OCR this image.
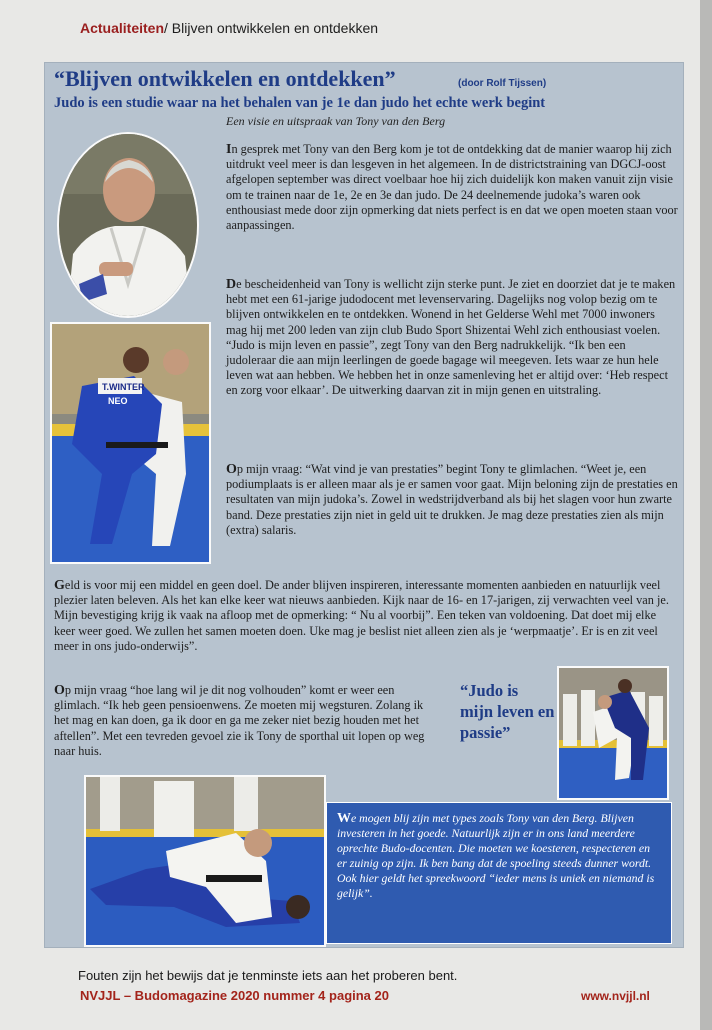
Actualiteiten/ Blijven ontwikkelen en ontdekken
“Blijven ontwikkelen en ontdekken”	(door Rolf Tijssen)
Judo is een studie waar na het behalen van je 1e dan judo het echte werk begint
Een visie en uitspraak van Tony van den Berg
T.WINTER
NEO

In gesprek met Tony van den Berg kom je tot de ontdekking dat de manier waarop hij zich uitdrukt veel meer is dan lesgeven in het algemeen. In de districtstraining van DGCJ-oost afgelopen september was direct voelbaar hoe hij zich duidelijk kon maken vanuit zijn visie om te trainen naar de 1e, 2e en 3e dan judo. De 24 deelnemende judoka’s waren ook enthousiast mede door zijn opmerking dat niets perfect is en dat we open moeten staan voor aanpassingen.

De bescheidenheid van Tony is wellicht zijn sterke punt. Je ziet en doorziet dat je te maken hebt met een 61-jarige judodocent met levenservaring. Dagelijks nog volop bezig om te blijven ontwikkelen en te ontdekken. Wonend in het Gelderse Wehl met 7000 inwoners mag hij met 200 leden van zijn club Budo Sport Shizentai Wehl zich enthousiast voelen. “Judo is mijn leven en passie”, zegt Tony van den Berg nadrukkelijk. “Ik ben een judoleraar die aan mijn leerlingen de goede bagage wil meegeven. Iets waar ze hun hele leven wat aan hebben. We hebben het in onze samenleving het er altijd over: ‘Heb respect en zorg voor elkaar’. De uitwerking daarvan zit in mijn genen en uitstraling.

Op mijn vraag: “Wat vind je van prestaties” begint Tony te glimlachen. “Weet je, een podiumplaats is er alleen maar als je er samen voor gaat. Mijn beloning zijn de prestaties en resultaten van mijn judoka’s. Zowel in wedstrijdverband als bij het slagen voor hun zwarte band. Deze prestaties zijn niet in geld uit te drukken. Je mag deze prestaties zien als mijn (extra) salaris.

Geld is voor mij een middel en geen doel. De ander blijven inspireren, interessante momenten aanbieden en natuurlijk veel plezier laten beleven. Als het kan elke keer wat nieuws aanbieden. Kijk naar de 16- en 17-jarigen, zij verwachten veel van je. Mijn bevestiging krijg ik vaak na afloop met de opmerking: “ Nu al voorbij”. Een teken van voldoening. Dat doet mij elke keer weer goed. We zullen het samen moeten doen. Uke mag je beslist niet alleen zien als je ‘werpmaatje’. Er is en zit veel meer in ons judo-onderwijs”.

Op mijn vraag “hoe lang wil je dit nog volhouden” komt er weer een glimlach. “Ik heb geen pensioenwens. Ze moeten mij wegsturen. Zolang ik het mag en kan doen, ga ik door en ga me zeker niet bezig houden met het aftellen”. Met een tevreden gevoel zie ik Tony de sporthal uit lopen op weg naar huis.

“Judo is mijn leven en passie”

We mogen blij zijn met types zoals Tony van den Berg. Blijven investeren in het goede. Natuurlijk zijn er in ons land meerdere oprechte Budo-docenten. Die moeten we koesteren, respecteren en er zuinig op zijn. Ik ben bang dat de spoeling steeds dunner wordt. Ook hier geldt het spreekwoord “ieder mens is uniek en niemand is gelijk”.

Fouten zijn het bewijs dat je tenminste iets aan het proberen bent.
NVJJL – Budomagazine 2020 nummer 4 pagina 20	www.nvjjl.nl
